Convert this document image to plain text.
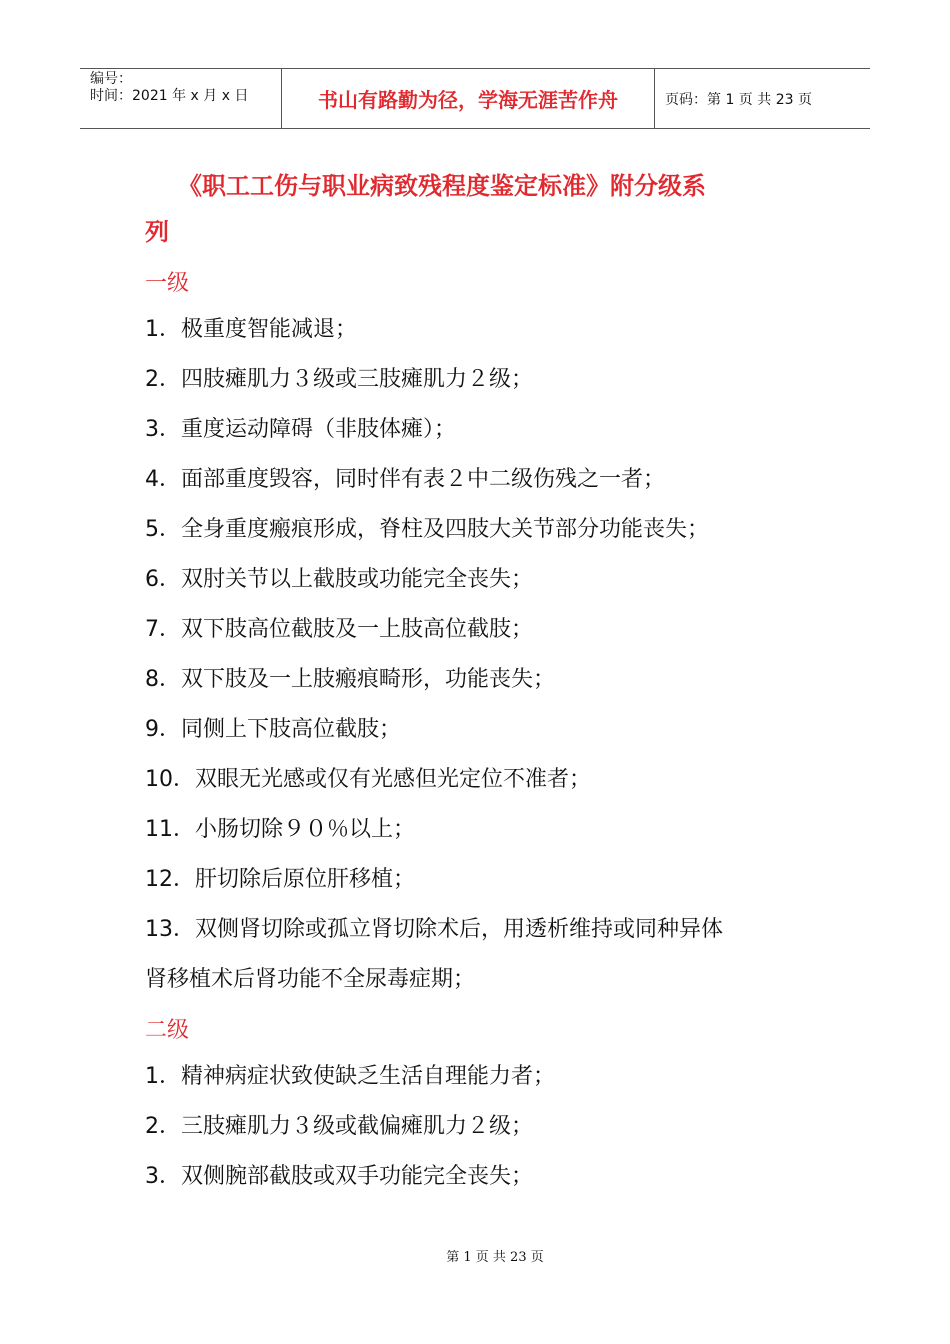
编号：
时间：2021 年 x 月 x 日	书山有路勤为径，学海无涯苦作舟	页码：第 1 页 共 23 页
《职工工伤与职业病致残程度鉴定标准》附分级系
列
一级
1．极重度智能减退；
2．四肢瘫肌力３级或三肢瘫肌力２级；
3．重度运动障碍（非肢体瘫）；
4．面部重度毁容，同时伴有表２中二级伤残之一者；
5．全身重度瘢痕形成，脊柱及四肢大关节部分功能丧失；
6．双肘关节以上截肢或功能完全丧失；
7．双下肢高位截肢及一上肢高位截肢；
8．双下肢及一上肢瘢痕畸形，功能丧失；
9．同侧上下肢高位截肢；
10．双眼无光感或仅有光感但光定位不准者；
11．小肠切除９０％以上；
12．肝切除后原位肝移植；
13．双侧肾切除或孤立肾切除术后，用透析维持或同种异体
肾移植术后肾功能不全尿毒症期；
二级
1．精神病症状致使缺乏生活自理能力者；
2．三肢瘫肌力３级或截偏瘫肌力２级；
3．双侧腕部截肢或双手功能完全丧失；
第 1 页 共 23 页
